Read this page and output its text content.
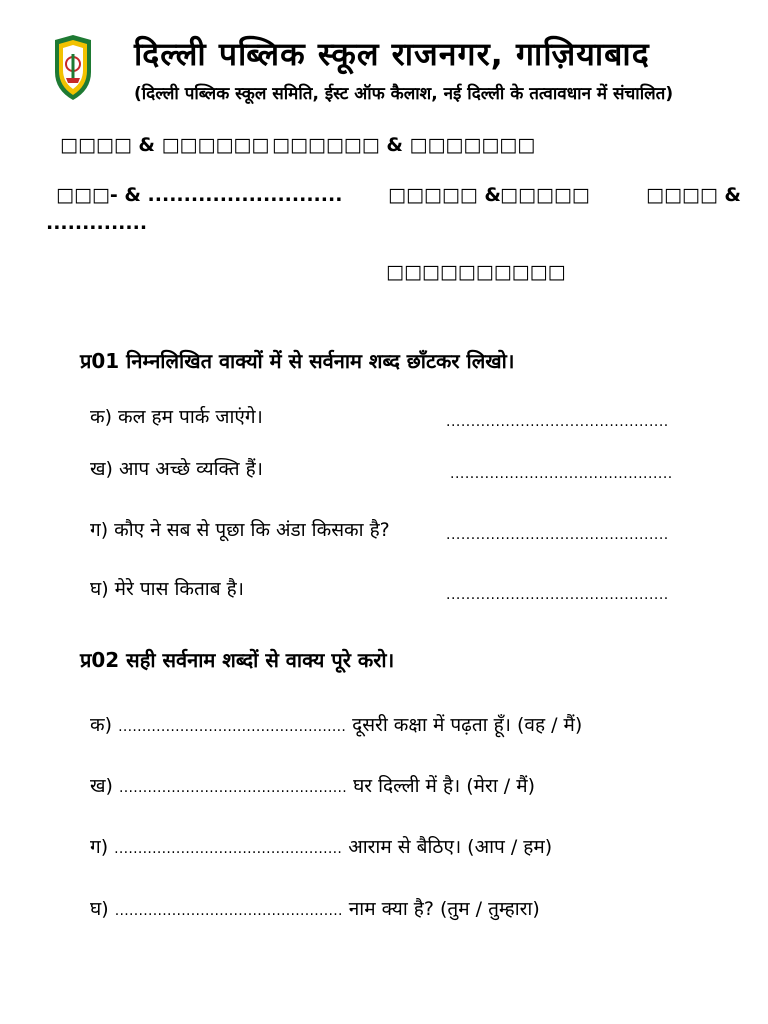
दिल्ली पब्लिक स्कूल राजनगर, गाज़ियाबाद
(दिल्ली पब्लिक स्कूल समिति, ईस्ट ऑफ कैलाश, नई दिल्ली के तत्वावधान में संचालित)
□□□□ & □□□□□□ □□□□□□ & □□□□□□□
□□□- & ........................... □□□□□ & □□□□□	□□□□ &
..............
□□□□□□□□□□
प्र01 निम्नलिखित वाक्यों में से सर्वनाम शब्द छाँटकर लिखो।
क) कल हम पार्क जाएंगे।	.............................................
ख) आप अच्छे व्यक्ति हैं।	.............................................
ग) कौए ने सब से पूछा कि अंडा किसका है?	.............................................
घ) मेरे पास किताब है।	.............................................
प्र02 सही सर्वनाम शब्दों से वाक्य पूरे करो।
क) ................................................ दूसरी कक्षा में पढ़ता हूँ। (वह / मैं)
ख) ................................................ घर दिल्ली में है। (मेरा / मैं)
ग) ................................................ आराम से बैठिए। (आप / हम)
घ) ................................................ नाम क्या है? (तुम / तुम्हारा)
